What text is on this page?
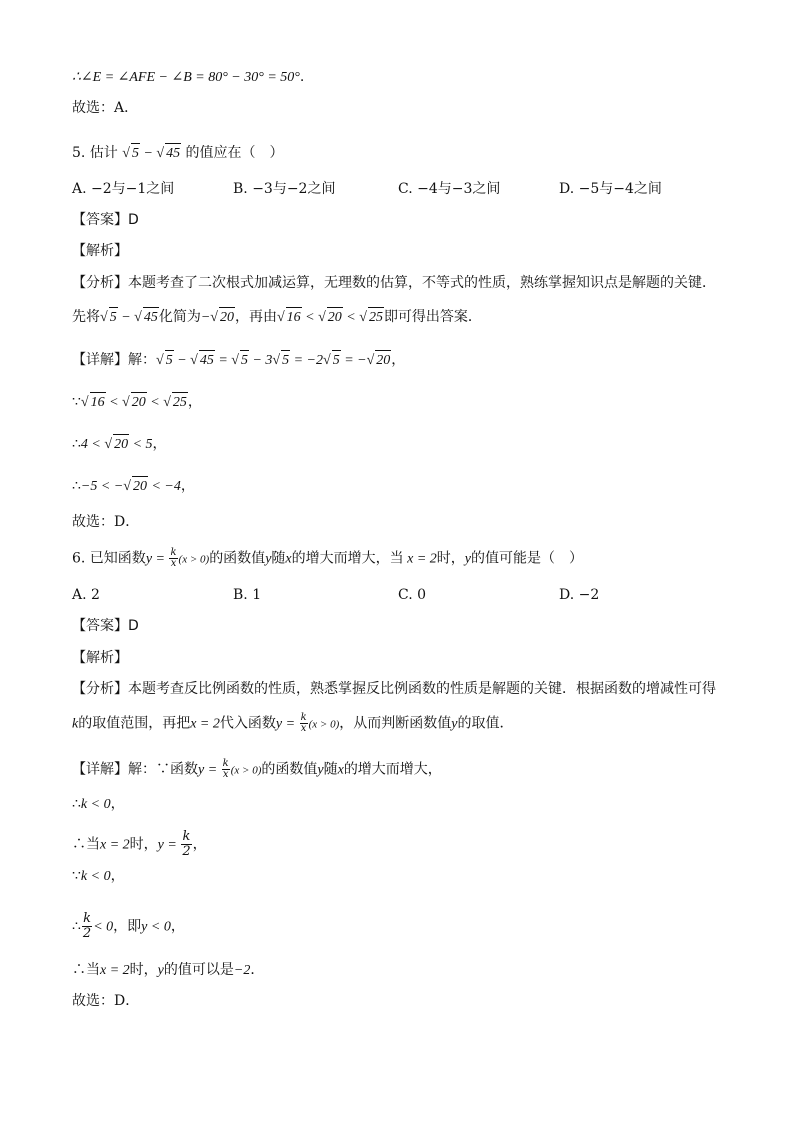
∴∠E = ∠AFE − ∠B = 80° − 30° = 50°.
故选：A．
5. 估计 √ 5 − √ 45 的值应在（　）
A. −2与−1之间	B. −3与−2之间	C. −4与−3之间	D. −5与−4之间
【答案】D
【解析】
【分析】本题考查了二次根式加减运算，无理数的估算，不等式的性质，熟练掌握知识点是解题的关键．
先将√ 5 − √ 45化简为−√ 20，再由√ 16 < √ 20 < √ 25即可得出答案．
【详解】解：√ 5 − √ 45 = √ 5 − 3√ 5 = −2√ 5 = −√ 20，
∵√ 16 < √ 20 < √ 25，
∴4 < √ 20 < 5，
∴−5 < −√ 20 < −4，
故选：D．
6. 已知函数$y = \frac{k}{x} (x > 0)$的函数值y随x的增大而增大，当 x = 2时，y的值可能是（　）
A. 2	B. 1	C. 0	D. −2
【答案】D
【解析】
【分析】本题考查反比例函数的性质，熟悉掌握反比例函数的性质是解题的关键．根据函数的增减性可得
k的取值范围，再把x = 2代入函数$y = \frac{k}{x} (x > 0)$，从而判断函数值y的取值．
【详解】解：∵函数$y = \frac{k}{x} (x > 0)$的函数值y随x的增大而增大，
∴k < 0，
∴当x = 2时，$y = \frac{k}{2}$ ，
∵k < 0，
∴ $\frac{k}{2} < 0$，即y < 0，
∴当x = 2时，y的值可以是−2．
故选：D．
